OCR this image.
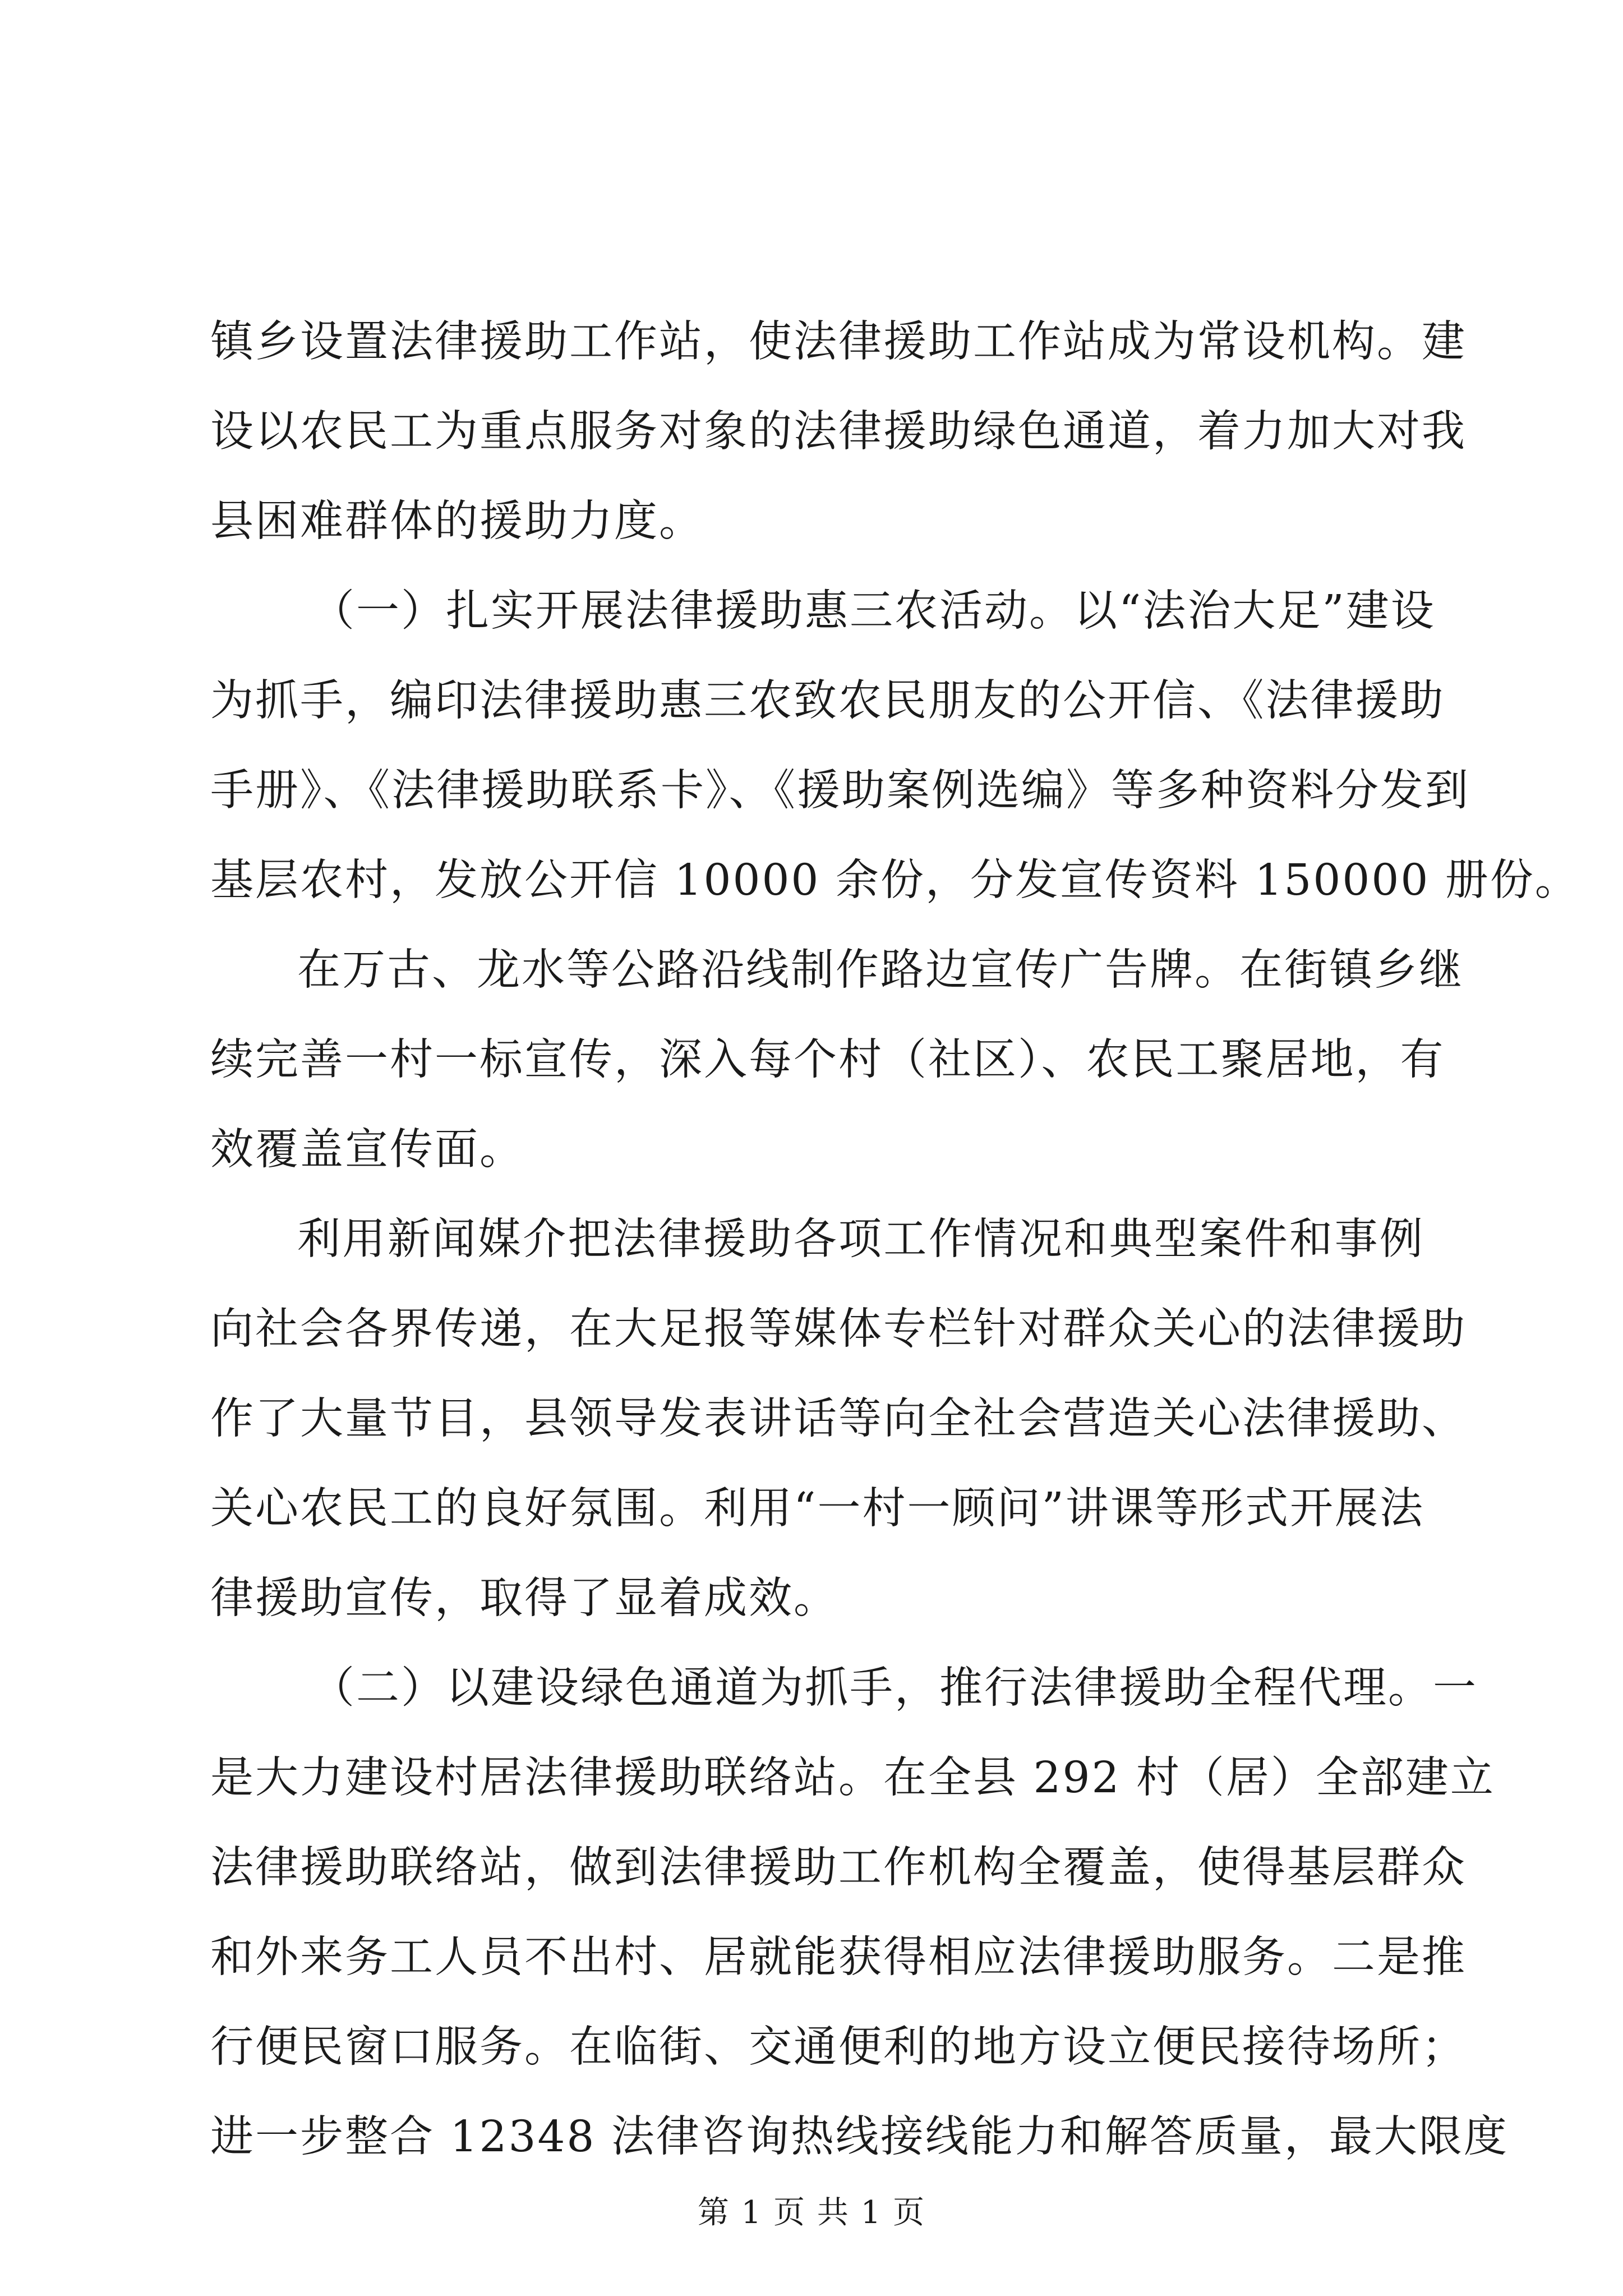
镇乡设置法律援助工作站，使法律援助工作站成为常设机构。建
设以农民工为重点服务对象的法律援助绿色通道，着力加大对我
县困难群体的援助力度。
（一）扎实开展法律援助惠三农活动。以“法治大足”建设
为抓手，编印法律援助惠三农致农民朋友的公开信、《法律援助
手册》、《法律援助联系卡》、《援助案例选编》等多种资料分发到
基层农村，发放公开信 10000 余份，分发宣传资料 150000 册份。
在万古、龙水等公路沿线制作路边宣传广告牌。在街镇乡继
续完善一村一标宣传，深入每个村（社区）、农民工聚居地，有
效覆盖宣传面。
利用新闻媒介把法律援助各项工作情况和典型案件和事例
向社会各界传递，在大足报等媒体专栏针对群众关心的法律援助
作了大量节目，县领导发表讲话等向全社会营造关心法律援助、
关心农民工的良好氛围。利用“一村一顾问”讲课等形式开展法
律援助宣传，取得了显着成效。
（二）以建设绿色通道为抓手，推行法律援助全程代理。一
是大力建设村居法律援助联络站。在全县 292 村（居）全部建立
法律援助联络站，做到法律援助工作机构全覆盖，使得基层群众
和外来务工人员不出村、居就能获得相应法律援助服务。二是推
行便民窗口服务。在临街、交通便利的地方设立便民接待场所；
进一步整合 12348 法律咨询热线接线能力和解答质量，最大限度
第 1 页 共 1 页
